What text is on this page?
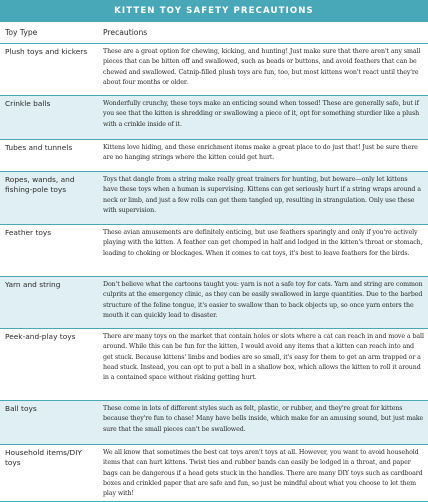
KITTEN TOY SAFETY PRECAUTIONS
Toy Type	Precautions
Plush toys and kickers	These are a great option for chewing, kicking, and hunting! Just make sure that there aren't any small pieces that can be bitten off and swallowed, such as beads or buttons, and avoid feathers that can be chewed and swallowed. Catnip-filled plush toys are fun, too, but most kittens won't react until they're about four months or older.
Crinkle balls	Wonderfully crunchy, these toys make an enticing sound when tossed! These are generally safe, but if you see that the kitten is shredding or swallowing a piece of it, opt for something sturdier like a plush with a crinkle inside of it.
Tubes and tunnels	Kittens love hiding, and these enrichment items make a great place to do just that! Just be sure there are no hanging strings where the kitten could get hurt.
Ropes, wands, and fishing-pole toys	Toys that dangle from a string make really great trainers for hunting, but beware—only let kittens have these toys when a human is supervising. Kittens can get seriously hurt if a string wraps around a neck or limb, and just a few rolls can get them tangled up, resulting in strangulation. Only use these with supervision.
Feather toys	These avian amusements are definitely enticing, but use feathers sparingly and only if you're actively playing with the kitten. A feather can get chomped in half and lodged in the kitten's throat or stomach, leading to choking or blockages. When it comes to cat toys, it's best to leave feathers for the birds.
Yarn and string	Don't believe what the cartoons taught you: yarn is not a safe toy for cats. Yarn and string are common culprits at the emergency clinic, as they can be easily swallowed in large quantities. Due to the barbed structure of the feline tongue, it's easier to swallow than to back objects up, so once yarn enters the mouth it can quickly lead to disaster.
Peek-and-play toys	There are many toys on the market that contain holes or slots where a cat can reach in and move a ball around. While this can be fun for the kitten, I would avoid any items that a kitten can reach into and get stuck. Because kittens' limbs and bodies are so small, it's easy for them to get an arm trapped or a head stuck. Instead, you can opt to put a ball in a shallow box, which allows the kitten to roll it around in a contained space without risking getting hurt.
Ball toys	These come in lots of different styles such as felt, plastic, or rubber, and they're great for kittens because they're fun to chase! Many have bells inside, which make for an amusing sound, but just make sure that the small pieces can't be swallowed.
Household items/DIY toys	We all know that sometimes the best cat toys aren't toys at all. However, you want to avoid household items that can hurt kittens. Twist ties and rubber bands can easily be lodged in a throat, and paper bags can be dangerous if a head gets stuck in the handles. There are many DIY toys such as cardboard boxes and crinkled paper that are safe and fun, so just be mindful about what you choose to let them play with!
